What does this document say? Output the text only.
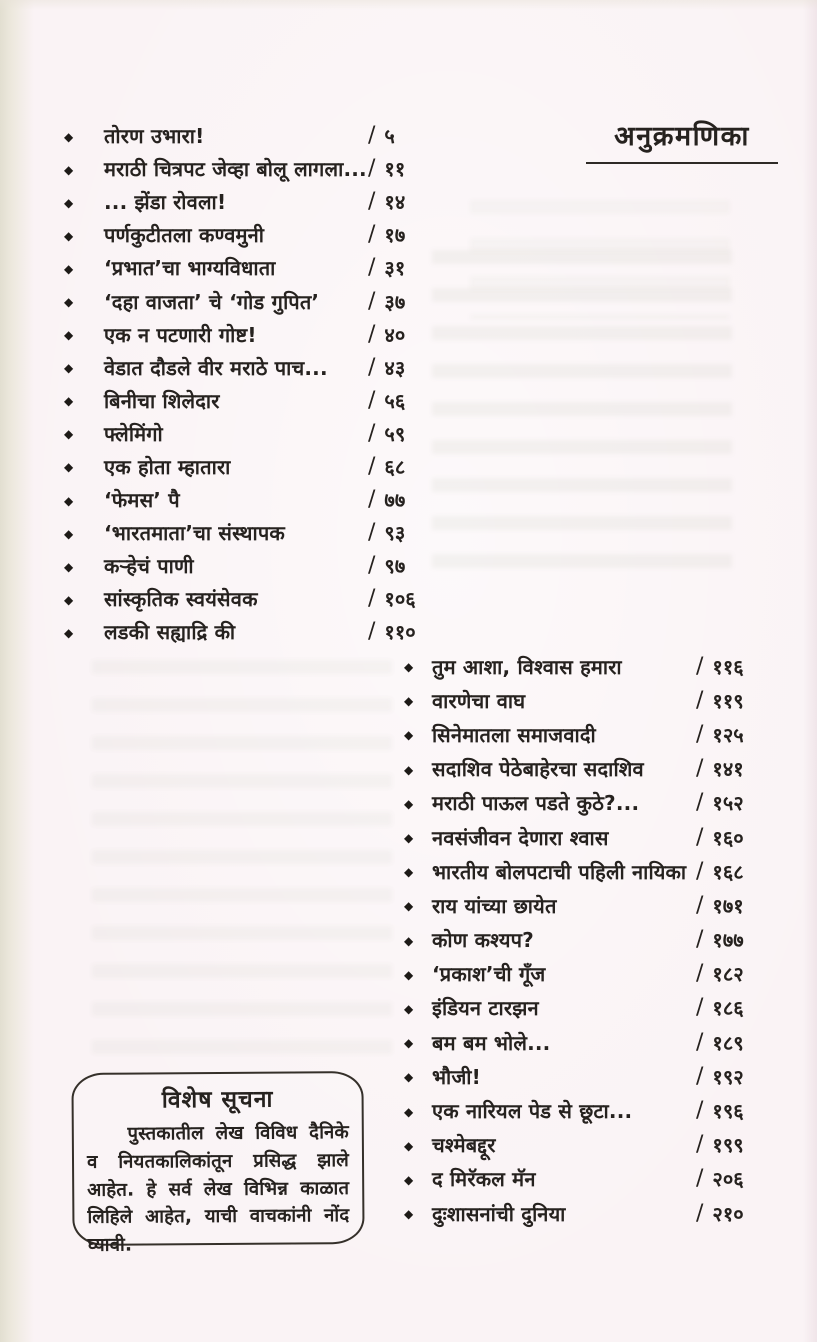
अनुक्रमणिका
◆	तोरण उभारा!	/ ५
◆	मराठी चित्रपट जेव्हा बोलू लागला... / ११
◆	... झेंडा रोवला!	/ १४
◆	पर्णकुटीतला कण्वमुनी	/ १७
◆	‘प्रभात’चा भाग्यविधाता	/ ३१
◆	‘दहा वाजता’ चे ‘गोड गुपित’	/ ३७
◆	एक न पटणारी गोष्ट!	/ ४०
◆	वेडात दौडले वीर मराठे पाच...	/ ४३
◆	बिनीचा शिलेदार	/ ५६
◆	फ्लेमिंगो	/ ५९
◆	एक होता म्हातारा	/ ६८
◆	‘फेमस’ पै	/ ७७
◆	‘भारतमाता’चा संस्थापक	/ ९३
◆	कऱ्हेचं पाणी	/ ९७
◆	सांस्कृतिक स्वयंसेवक	/ १०६
◆	लडकी सह्याद्रि की	/ ११०
◆ तुम आशा, विश्वास हमारा	/ ११६
◆ वारणेचा वाघ	/ ११९
◆ सिनेमातला समाजवादी	/ १२५
◆ सदाशिव पेठेबाहेरचा सदाशिव	/ १४१
◆ मराठी पाऊल पडते कुठे?...	/ १५२
◆ नवसंजीवन देणारा श्वास	/ १६०
◆ भारतीय बोलपटाची पहिली नायिका / १६८
◆ राय यांच्या छायेत	/ १७१
◆ कोण कश्यप?	/ १७७
◆ ‘प्रकाश’ची गूँज	/ १८२
◆ इंडियन टारझन	/ १८६
◆ बम बम भोले...	/ १८९
◆ भौजी!	/ १९२
◆ एक नारियल पेड से छूटा...	/ १९६
◆ चश्मेबद्दूर	/ १९९
◆ द मिरॅकल मॅन	/ २०६
◆ दुःशासनांची दुनिया	/ २१०
विशेष सूचना

पुस्तकातील लेख विविध दैनिके व नियतकालिकांतून प्रसिद्ध झाले आहेत. हे सर्व लेख विभिन्न काळात लिहिले आहेत, याची वाचकांनी नोंद घ्यावी.
